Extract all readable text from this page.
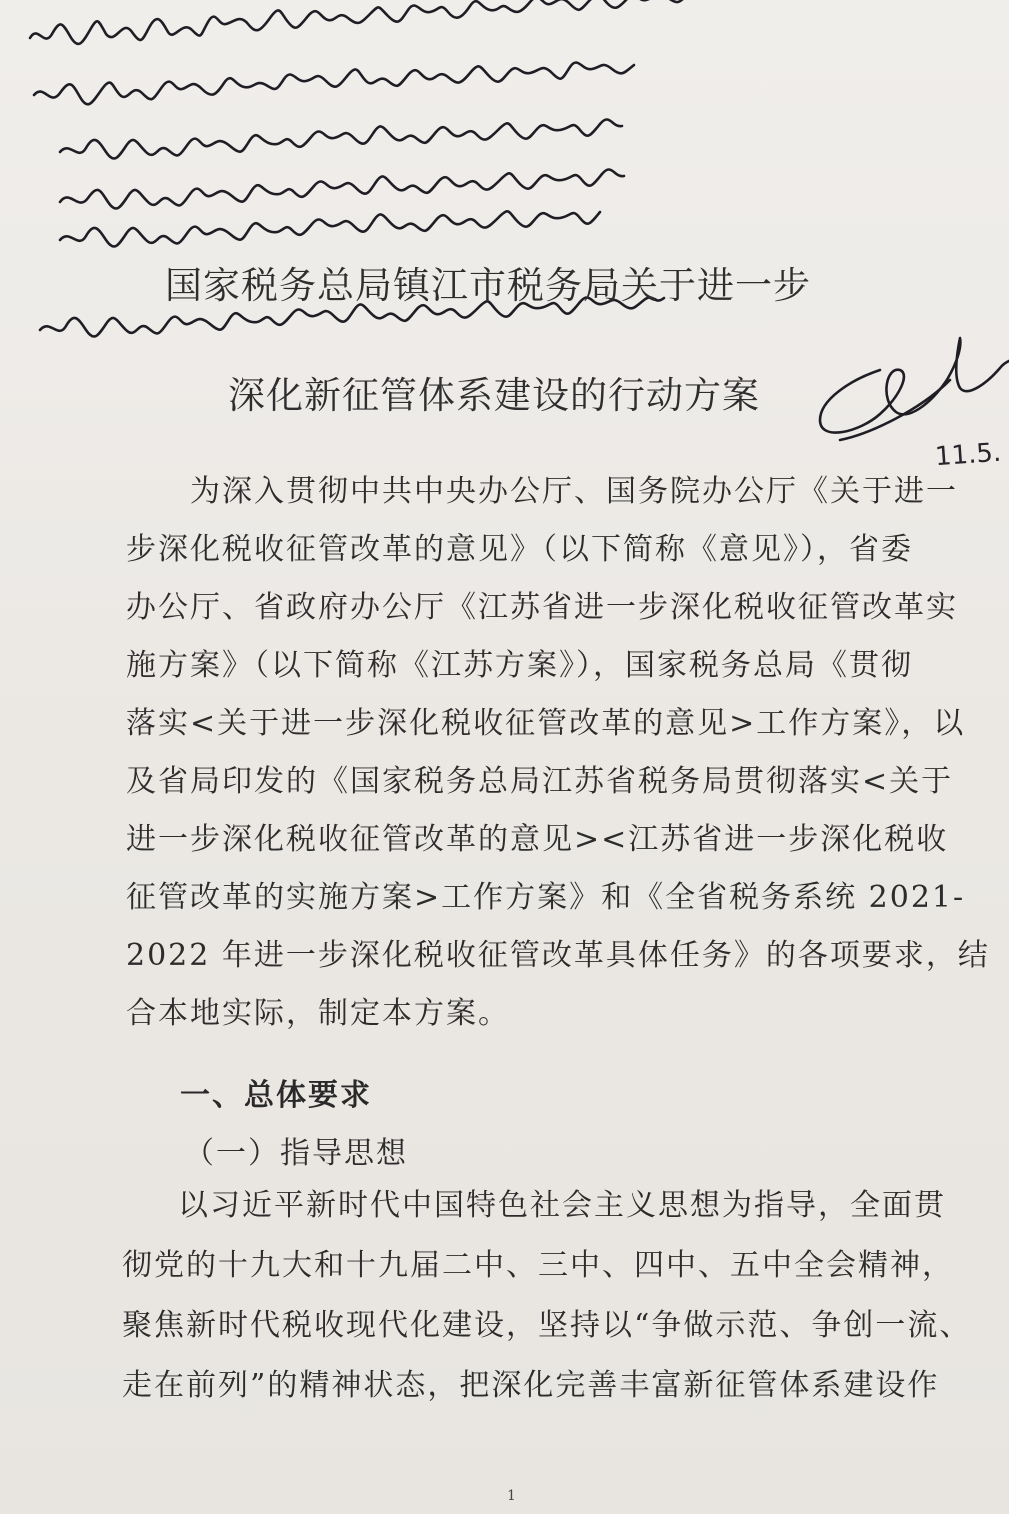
国家税务总局镇江市税务局关于进一步
深化新征管体系建设的行动方案
11.5.
为深入贯彻中共中央办公厅、国务院办公厅《关于进一
步深化税收征管改革的意见》（以下简称《意见》），省委
办公厅、省政府办公厅《江苏省进一步深化税收征管改革实
施方案》（以下简称《江苏方案》），国家税务总局《贯彻
落实<关于进一步深化税收征管改革的意见>工作方案》，以
及省局印发的《国家税务总局江苏省税务局贯彻落实<关于
进一步深化税收征管改革的意见><江苏省进一步深化税收
征管改革的实施方案>工作方案》和《全省税务系统 2021-
2022 年进一步深化税收征管改革具体任务》的各项要求，结
合本地实际，制定本方案。
一、总体要求
（一）指导思想
以习近平新时代中国特色社会主义思想为指导，全面贯
彻党的十九大和十九届二中、三中、四中、五中全会精神，
聚焦新时代税收现代化建设，坚持以“争做示范、争创一流、
走在前列”的精神状态，把深化完善丰富新征管体系建设作
1
